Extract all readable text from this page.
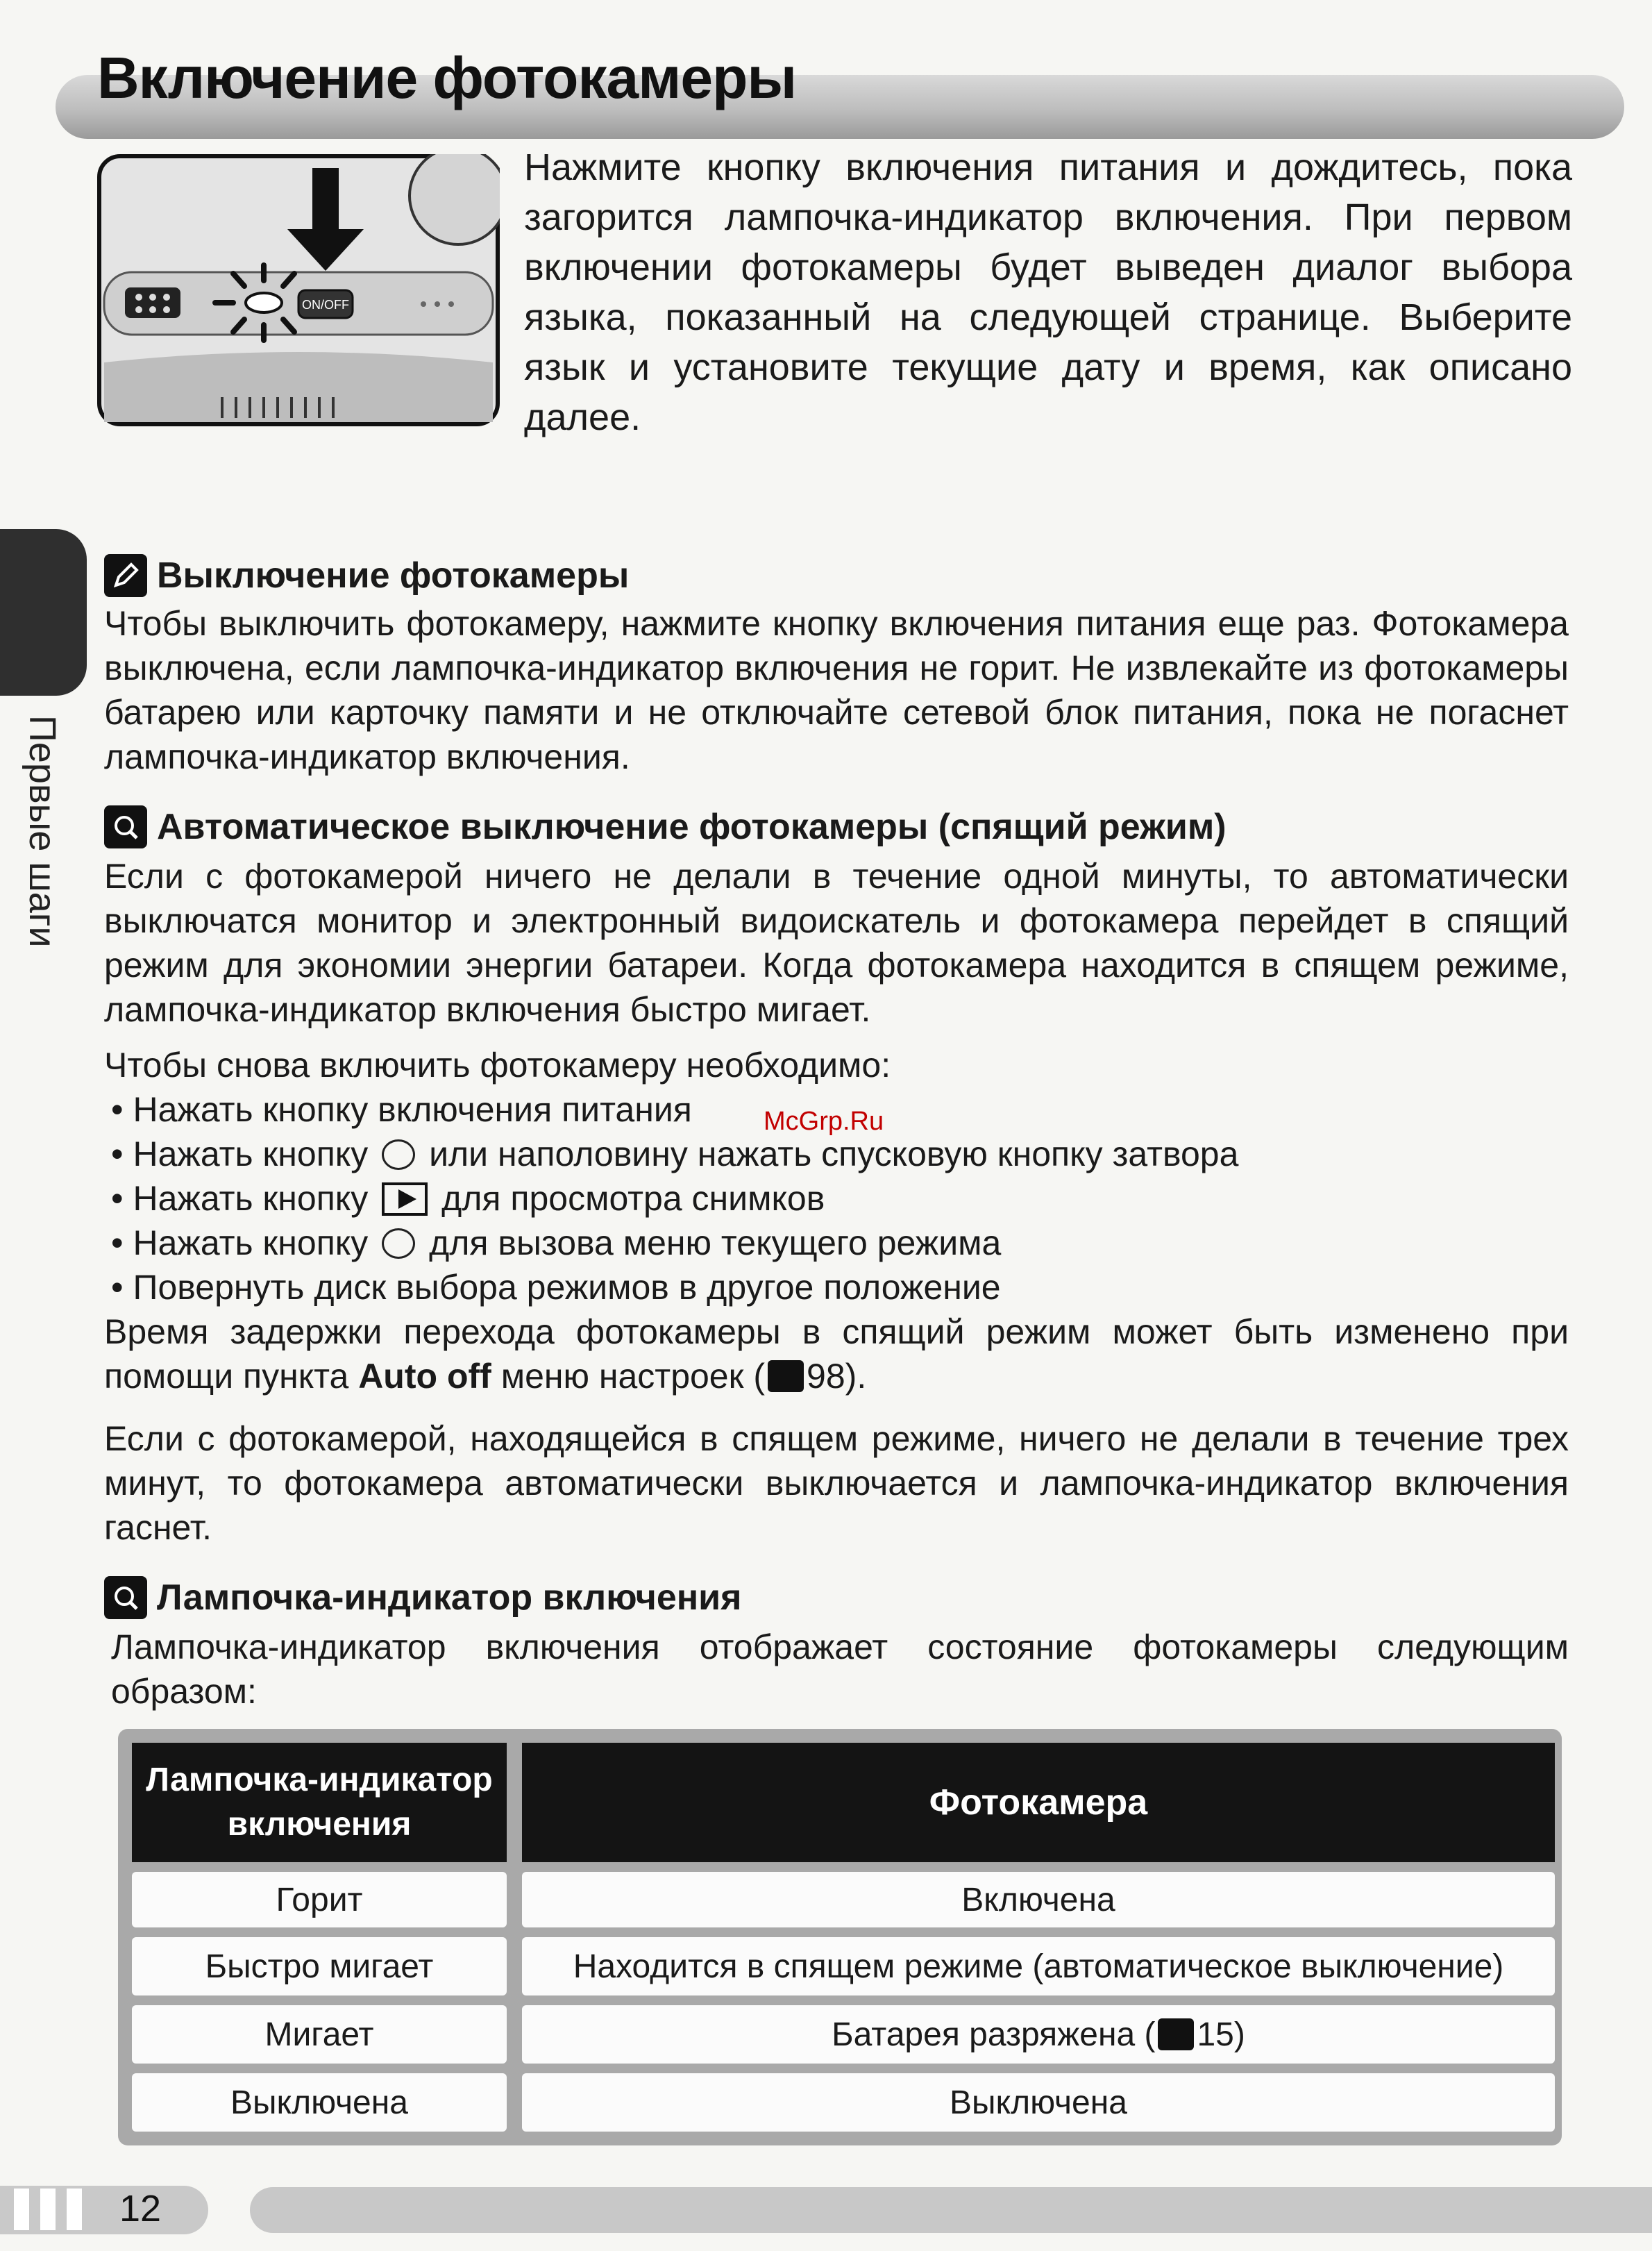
Включение фотокамеры
ON/OFF
Нажмите кнопку включения питания и дождитесь, пока загорится лампочка-индикатор включения. При первом включении фотокамеры будет выведен диалог выбора языка, показанный на следующей странице. Выберите язык и установите текущие дату и время, как описано далее.
Первые шаги
Выключение фотокамеры
Чтобы выключить фотокамеру, нажмите кнопку включения питания еще раз. Фотокамера выключена, если лампочка-индикатор включения не горит. Не извлекайте из фотокамеры батарею или карточку памяти и не отключайте сетевой блок питания, пока не погаснет лампочка-индикатор включения.
Автоматическое выключение фотокамеры (спящий режим)
Если с фотокамерой ничего не делали в течение одной минуты, то автоматически выключатся монитор и электронный видоискатель и фотокамера перейдет в спящий режим для экономии энергии батареи. Когда фотокамера находится в спящем режиме, лампочка-индикатор включения быстро мигает.
Чтобы снова включить фотокамеру необходимо:
• Нажать кнопку включения питания
• Нажать кнопку или наполовину нажать спусковую кнопку затвора
• Нажать кнопку для просмотра снимков
• Нажать кнопку для вызова меню текущего режима
• Повернуть диск выбора режимов в другое положение
Время задержки перехода фотокамеры в спящий режим может быть изменено при помощи пункта Auto off меню настроек ( 98).
Если с фотокамерой, находящейся в спящем режиме, ничего не делали в течение трех минут, то фотокамера автоматически выключается и лампочка-индикатор включения гаснет.
Лампочка-индикатор включения
Лампочка-индикатор включения отображает состояние фотокамеры следующим образом:
Лампочка-индикатор включения
Фотокамера
Горит	Включена
Быстро мигает	Находится в спящем режиме (автоматическое выключение)
Мигает	Батарея разряжена ( 15 )
Выключена	Выключена
12
McGrp.Ru
